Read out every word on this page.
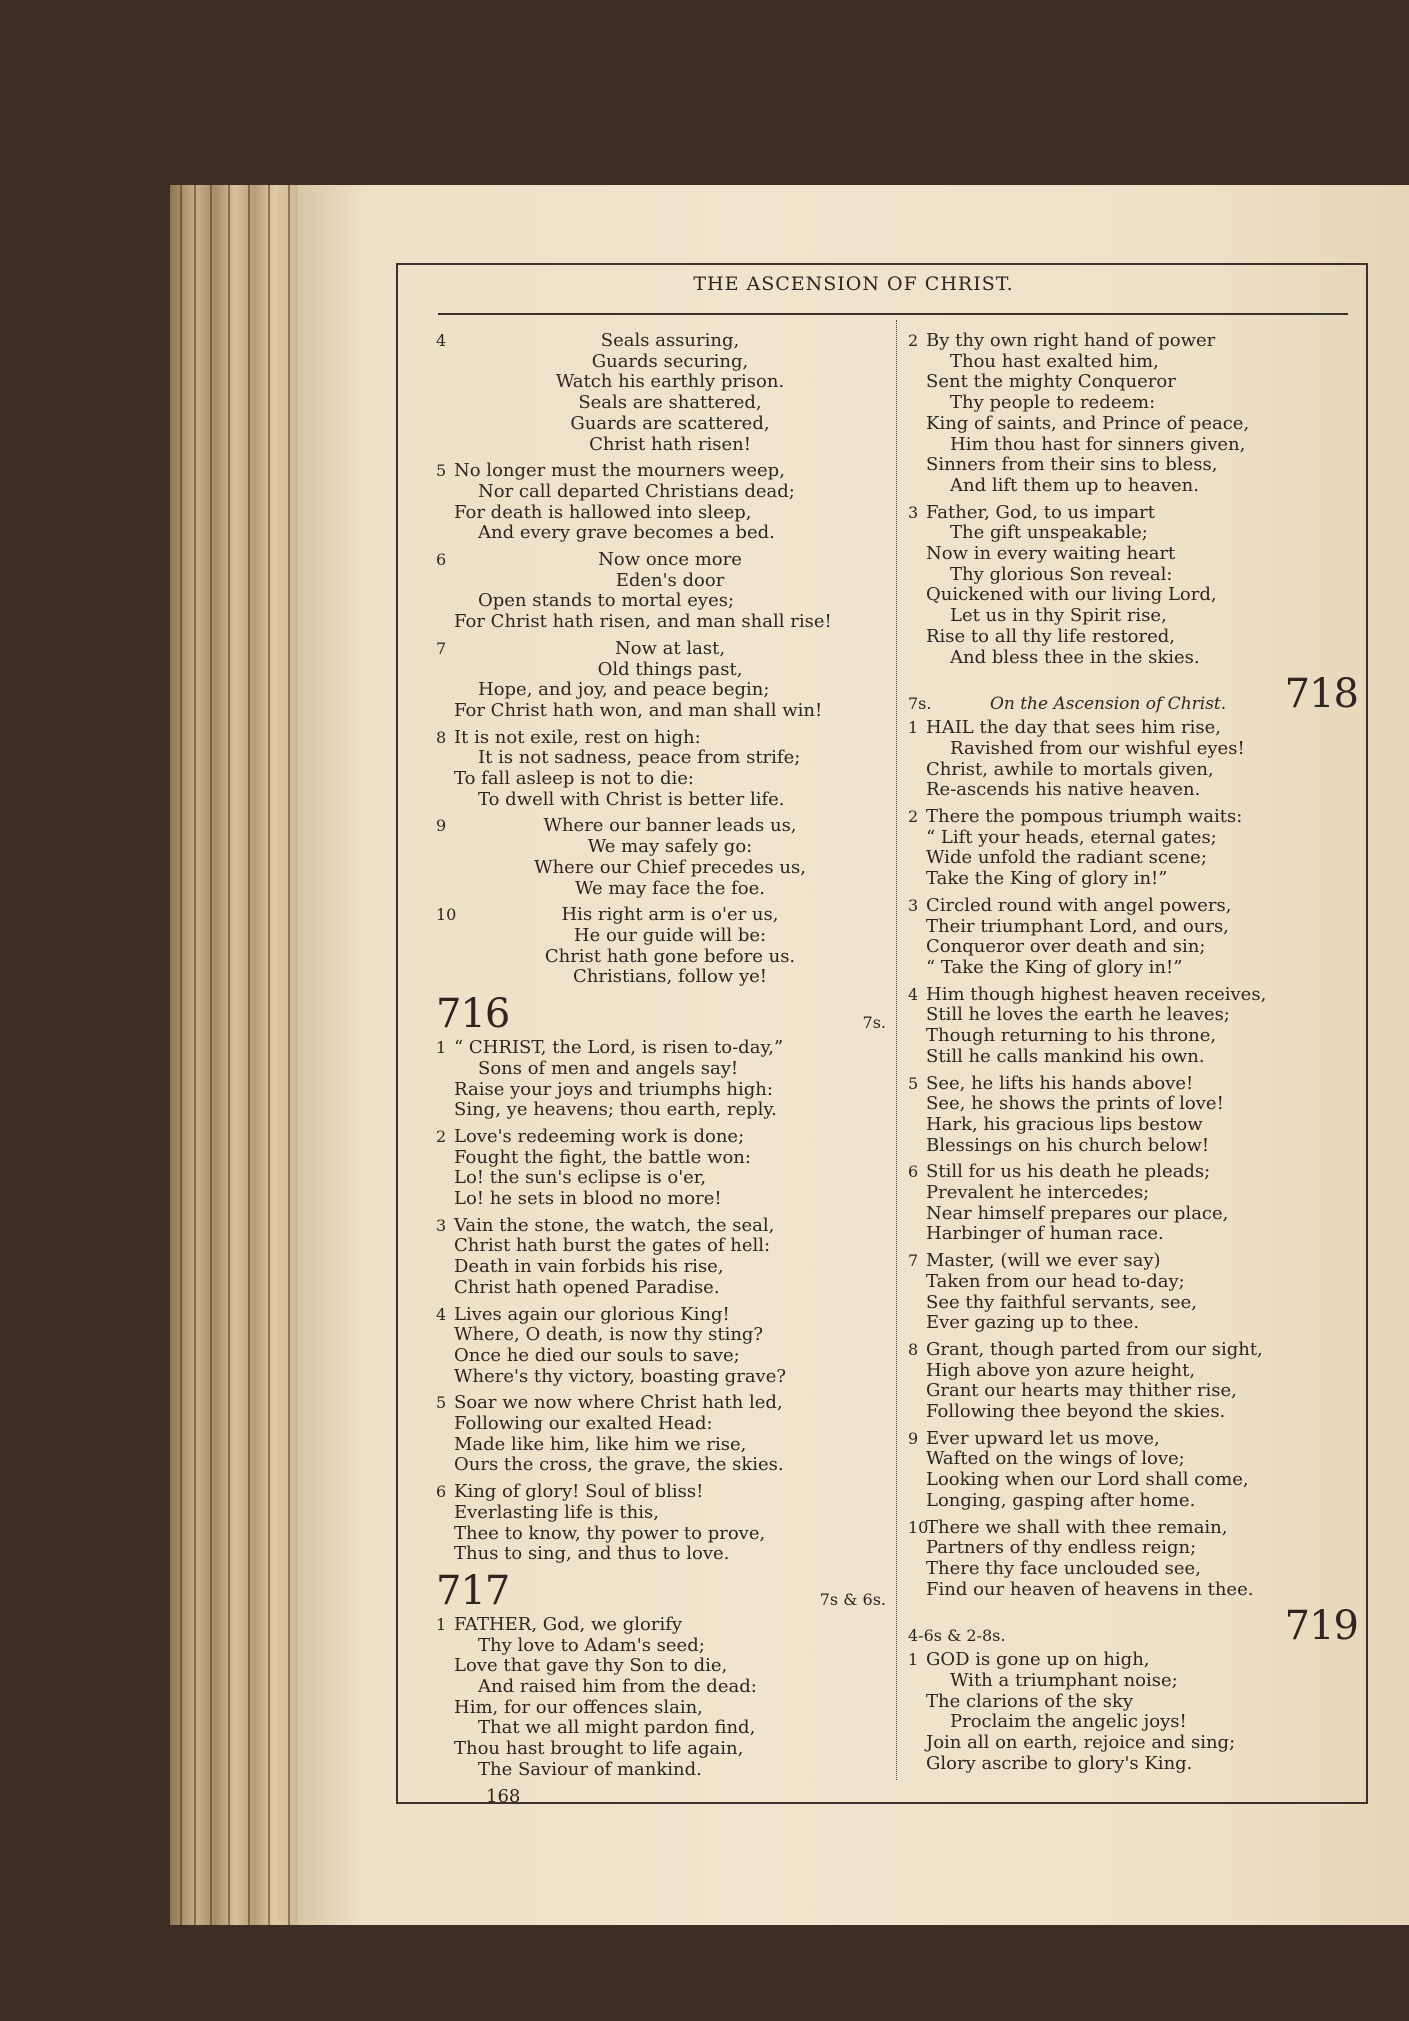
THE ASCENSION OF CHRIST.
4	Seals assuring,
Guards securing,
Watch his earthly prison.
Seals are shattered,
Guards are scattered,
Christ hath risen!
5 No longer must the mourners weep,
Nor call departed Christians dead;
For death is hallowed into sleep,
And every grave becomes a bed.
6	Now once more
Eden's door
Open stands to mortal eyes;
For Christ hath risen, and man shall rise!
7	Now at last,
Old things past,
Hope, and joy, and peace begin;
For Christ hath won, and man shall win!
8 It is not exile, rest on high:
It is not sadness, peace from strife;
To fall asleep is not to die:
To dwell with Christ is better life.
9	Where our banner leads us,
We may safely go:
Where our Chief precedes us,
We may face the foe.
10	His right arm is o'er us,
He our guide will be:
Christ hath gone before us.
Christians, follow ye!
716	7s.
1 “ CHRIST, the Lord, is risen to-day,”
Sons of men and angels say!
Raise your joys and triumphs high:
Sing, ye heavens; thou earth, reply.
2 Love's redeeming work is done;
Fought the fight, the battle won:
Lo! the sun's eclipse is o'er,
Lo! he sets in blood no more!
3 Vain the stone, the watch, the seal,
Christ hath burst the gates of hell:
Death in vain forbids his rise,
Christ hath opened Paradise.
4 Lives again our glorious King!
Where, O death, is now thy sting?
Once he died our souls to save;
Where's thy victory, boasting grave?
5 Soar we now where Christ hath led,
Following our exalted Head:
Made like him, like him we rise,
Ours the cross, the grave, the skies.
6 King of glory! Soul of bliss!
Everlasting life is this,
Thee to know, thy power to prove,
Thus to sing, and thus to love.
717	7s & 6s.
1 FATHER, God, we glorify
Thy love to Adam's seed;
Love that gave thy Son to die,
And raised him from the dead:
Him, for our offences slain,
That we all might pardon find,
Thou hast brought to life again,
The Saviour of mankind.
168
2 By thy own right hand of power
Thou hast exalted him,
Sent the mighty Conqueror
Thy people to redeem:
King of saints, and Prince of peace,
Him thou hast for sinners given,
Sinners from their sins to bless,
And lift them up to heaven.
3 Father, God, to us impart
The gift unspeakable;
Now in every waiting heart
Thy glorious Son reveal:
Quickened with our living Lord,
Let us in thy Spirit rise,
Rise to all thy life restored,
And bless thee in the skies.
7s.	On the Ascension of Christ. 718
1 HAIL the day that sees him rise,
Ravished from our wishful eyes!
Christ, awhile to mortals given,
Re-ascends his native heaven.
2 There the pompous triumph waits:
“ Lift your heads, eternal gates;
Wide unfold the radiant scene;
Take the King of glory in!”
3 Circled round with angel powers,
Their triumphant Lord, and ours,
Conqueror over death and sin;
“ Take the King of glory in!”
4 Him though highest heaven receives,
Still he loves the earth he leaves;
Though returning to his throne,
Still he calls mankind his own.
5 See, he lifts his hands above!
See, he shows the prints of love!
Hark, his gracious lips bestow
Blessings on his church below!
6 Still for us his death he pleads;
Prevalent he intercedes;
Near himself prepares our place,
Harbinger of human race.
7 Master, (will we ever say)
Taken from our head to-day;
See thy faithful servants, see,
Ever gazing up to thee.
8 Grant, though parted from our sight,
High above yon azure height,
Grant our hearts may thither rise,
Following thee beyond the skies.
9 Ever upward let us move,
Wafted on the wings of love;
Looking when our Lord shall come,
Longing, gasping after home.
10
There we shall with thee remain,
Partners of thy endless reign;
There thy face unclouded see,
Find our heaven of heavens in thee.
4-6s & 2-8s.	719
1 GOD is gone up on high,
With a triumphant noise;
The clarions of the sky
Proclaim the angelic joys!
Join all on earth, rejoice and sing;
Glory ascribe to glory's King.
